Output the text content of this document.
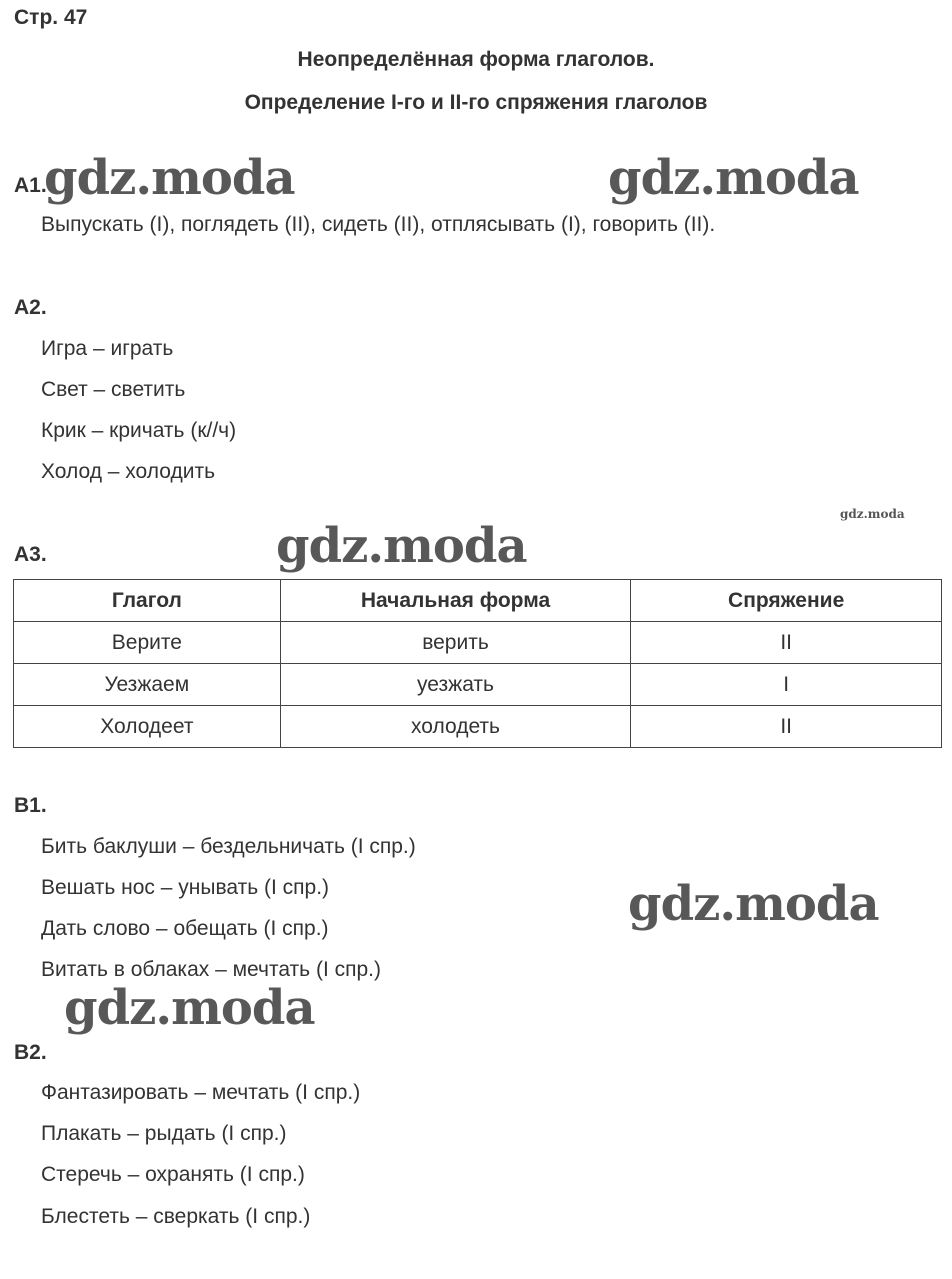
Стр. 47
Неопределённая форма глаголов.
Определение I-го и II-го спряжения глаголов
А1.
Выпускать (I), поглядеть (II), сидеть (II), отплясывать (I), говорить (II).
А2.
Игра – играть
Свет – светить
Крик – кричать (к//ч)
Холод – холодить
А3.
Глагол	Начальная форма	Спряжение
Верите	верить	II
Уезжаем	уезжать	I
Холодеет	холодеть	II
В1.
Бить баклуши – бездельничать (I спр.)
Вешать нос – унывать (I спр.)
Дать слово – обещать (I спр.)
Витать в облаках – мечтать (I спр.)
В2.
Фантазировать – мечтать (I спр.)
Плакать – рыдать (I спр.)
Стеречь – охранять (I спр.)
Блестеть – сверкать (I спр.)
gdz.moda	gdz.moda
gdz.moda
gdz.moda
gdz.moda
gdz.moda
